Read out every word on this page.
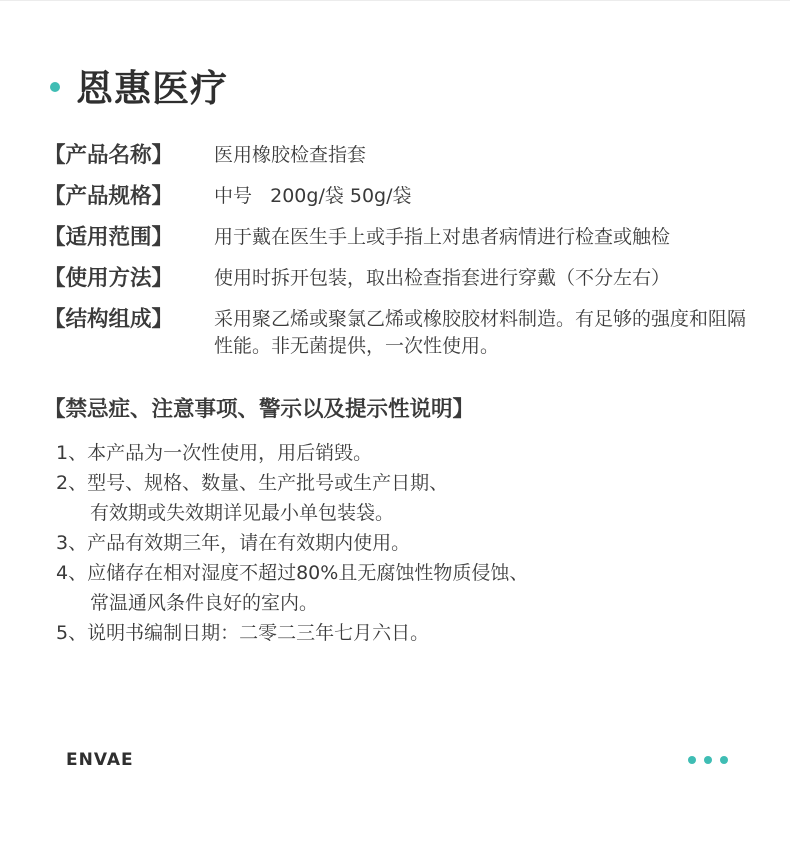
恩惠医疗
【产品名称】	医用橡胶检查指套
【产品规格】	中号   200g/袋 50g/袋
【适用范围】	用于戴在医生手上或手指上对患者病情进行检查或触检
【使用方法】	使用时拆开包装，取出检查指套进行穿戴（不分左右）
【结构组成】	采用聚乙烯或聚氯乙烯或橡胶胶材料制造。有足够的强度和阻隔性能。非无菌提供，一次性使用。
【禁忌症、注意事项、警示以及提示性说明】
1、本产品为一次性使用，用后销毁。
2、型号、规格、数量、生产批号或生产日期、
有效期或失效期详见最小单包装袋。
3、产品有效期三年，请在有效期内使用。
4、应储存在相对湿度不超过80%且无腐蚀性物质侵蚀、
常温通风条件良好的室内。
5、说明书编制日期：二零二三年七月六日。
ENVAE
